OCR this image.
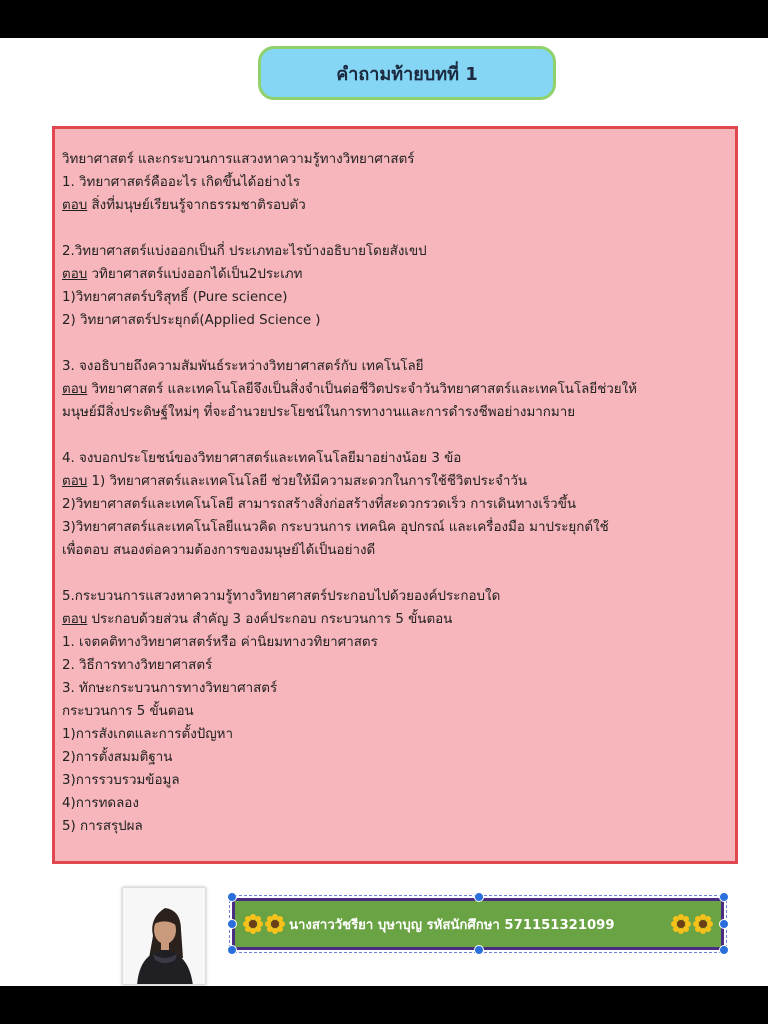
คำถามท้ายบทที่ 1
วิทยาศาสตร์ และกระบวนการแสวงหาความรู้ทางวิทยาศาสตร์
1. วิทยาศาสตร์คืออะไร เกิดขึ้นได้อย่างไร
ตอบ สิ่งที่มนุษย์เรียนรู้จากธรรมชาติรอบตัว
2.วิทยาศาสตร์แบ่งออกเป็นกี่ ประเภทอะไรบ้างอธิบายโดยสังเขป
ตอบ วทิยาศาสตร์แบ่งออกได้เป็น2ประเภท
1)วิทยาศาสตร์บริสุทธิ์ (Pure science)
2) วิทยาศาสตร์ประยุกต์(Applied Science )
3. จงอธิบายถึงความสัมพันธ์ระหว่างวิทยาศาสตร์กับ เทคโนโลยี
ตอบ วิทยาศาสตร์ และเทคโนโลยีจึงเป็นสิ่งจำเป็นต่อชีวิตประจำวันวิทยาศาสตร์และเทคโนโลยีช่วยให้
มนุษย์มีสิ่งประดิษฐ์ใหม่ๆ ที่จะอำนวยประโยชน์ในการทางานและการดำรงชีพอย่างมากมาย
4. จงบอกประโยชน์ของวิทยาศาสตร์และเทคโนโลยีมาอย่างน้อย 3 ข้อ
ตอบ 1) วิทยาศาสตร์และเทคโนโลยี ช่วยให้มีความสะดวกในการใช้ชีวิตประจำวัน
2)วิทยาศาสตร์และเทคโนโลยี สามารถสร้างสิ่งก่อสร้างที่สะดวกรวดเร็ว การเดินทางเร็วขึ้น
3)วิทยาศาสตร์และเทคโนโลยีแนวคิด กระบวนการ เทคนิค อุปกรณ์ และเครื่องมือ มาประยุกต์ใช้
เพื่อตอบ สนองต่อความต้องการของมนุษย์ได้เป็นอย่างดี
5.กระบวนการแสวงหาความรู้ทางวิทยาศาสตร์ประกอบไปด้วยองค์ประกอบใด
ตอบ ประกอบด้วยส่วน สำคัญ 3 องค์ประกอบ กระบวนการ 5 ขั้นตอน
1. เจตคติทางวิทยาศาสตร์หรือ ค่านิยมทางวทิยาศาสตร
2. วิธีการทางวิทยาศาสตร์
3. ทักษะกระบวนการทางวิทยาศาสตร์
กระบวนการ 5 ขั้นตอน
1)การสังเกตและการตั้งปัญหา
2)การตั้งสมมติฐาน
3)การรวบรวมข้อมูล
4)การทดลอง
5) การสรุปผล
นางสาววัชรียา บุษาบุญ รหัสนักศึกษา 571151321099
